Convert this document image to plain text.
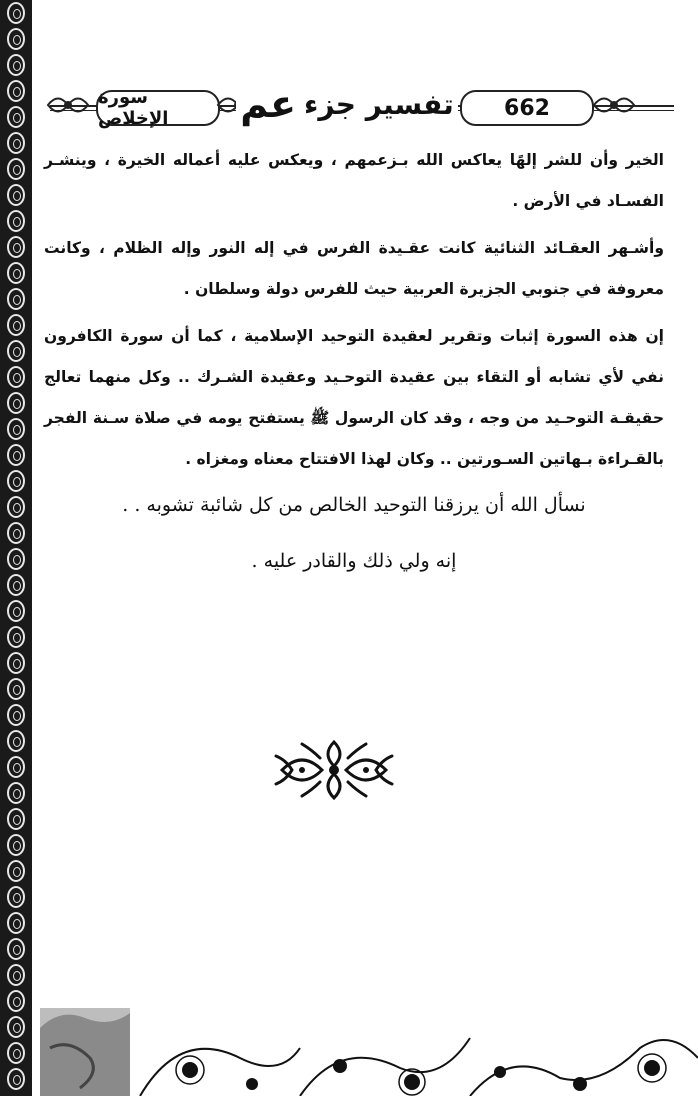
سورة الإخلاص	تفسير جزء
عم	662

الخير وأن للشر إلهًا يعاكس الله بـزعمهم ، ويعكس عليه أعماله الخيرة ، وينشـر الفسـاد في الأرض .

وأشـهر العقـائد الثنائية كانت عقـيدة الفرس في إله النور وإله الظلام ، وكانت معروفة في جنوبي الجزيرة العربية حيث للفرس دولة وسلطان .

إن هذه السورة إثبات وتقرير لعقيدة التوحيد الإسلامية ، كما أن سورة الكافرون نفي لأي تشابه أو التقاء بين عقيدة التوحـيد وعقيدة الشـرك .. وكل منهما تعالج حقيقـة التوحـيد من وجه ، وقد كان الرسول ﷺ يستفتح يومه في صلاة سـنة الفجر بالقـراءة بـهاتين السـورتين .. وكان لهذا الافتتاح معناه ومغزاه .

نسأل الله أن يرزقنا التوحيد الخالص من كل شائبة تشوبه . .
إنه ولي ذلك والقادر عليه .
